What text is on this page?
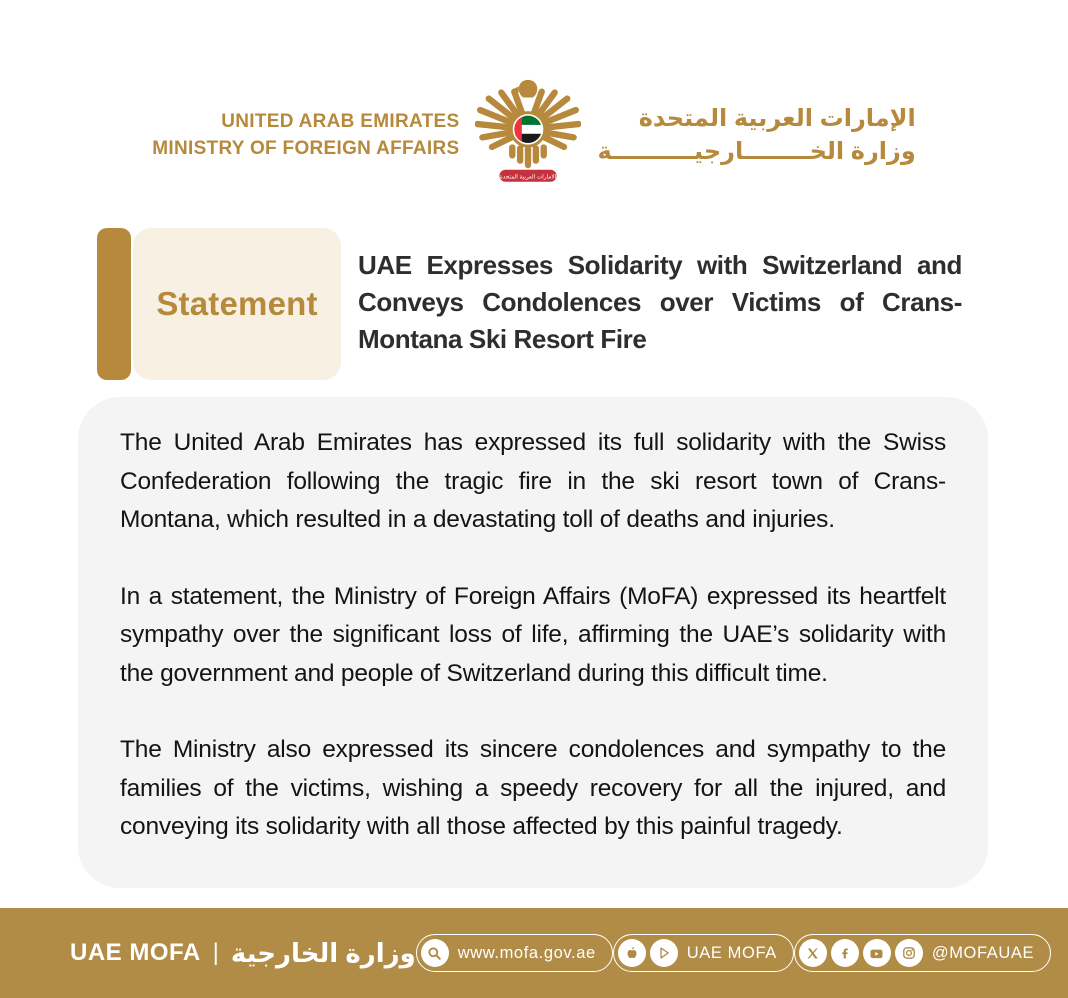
UNITED ARAB EMIRATES
MINISTRY OF FOREIGN AFFAIRS
الامارات العربية المتحدة
الإمارات العربية المتحدة
وزارة الخــــــــارجيــــــــــة
Statement
UAE Expresses Solidarity with Switzerland and
Conveys Condolences over Victims of Crans-
Montana Ski Resort Fire

The United Arab Emirates has expressed its full solidarity with the Swiss Confederation following the tragic fire in the ski resort town of Crans-Montana, which resulted in a devastating toll of deaths and injuries.

In a statement, the Ministry of Foreign Affairs (MoFA) expressed its heartfelt sympathy over the significant loss of life, affirming the UAE’s solidarity with the government and people of Switzerland during this difficult time.

The Ministry also expressed its sincere condolences and sympathy to the families of the victims, wishing a speedy recovery for all the injured, and conveying its solidarity with all those affected by this painful tragedy.

UAE MOFA | وزارة الخارجية	www.mofa.gov.ae	UAE MOFA	@MOFAUAE
